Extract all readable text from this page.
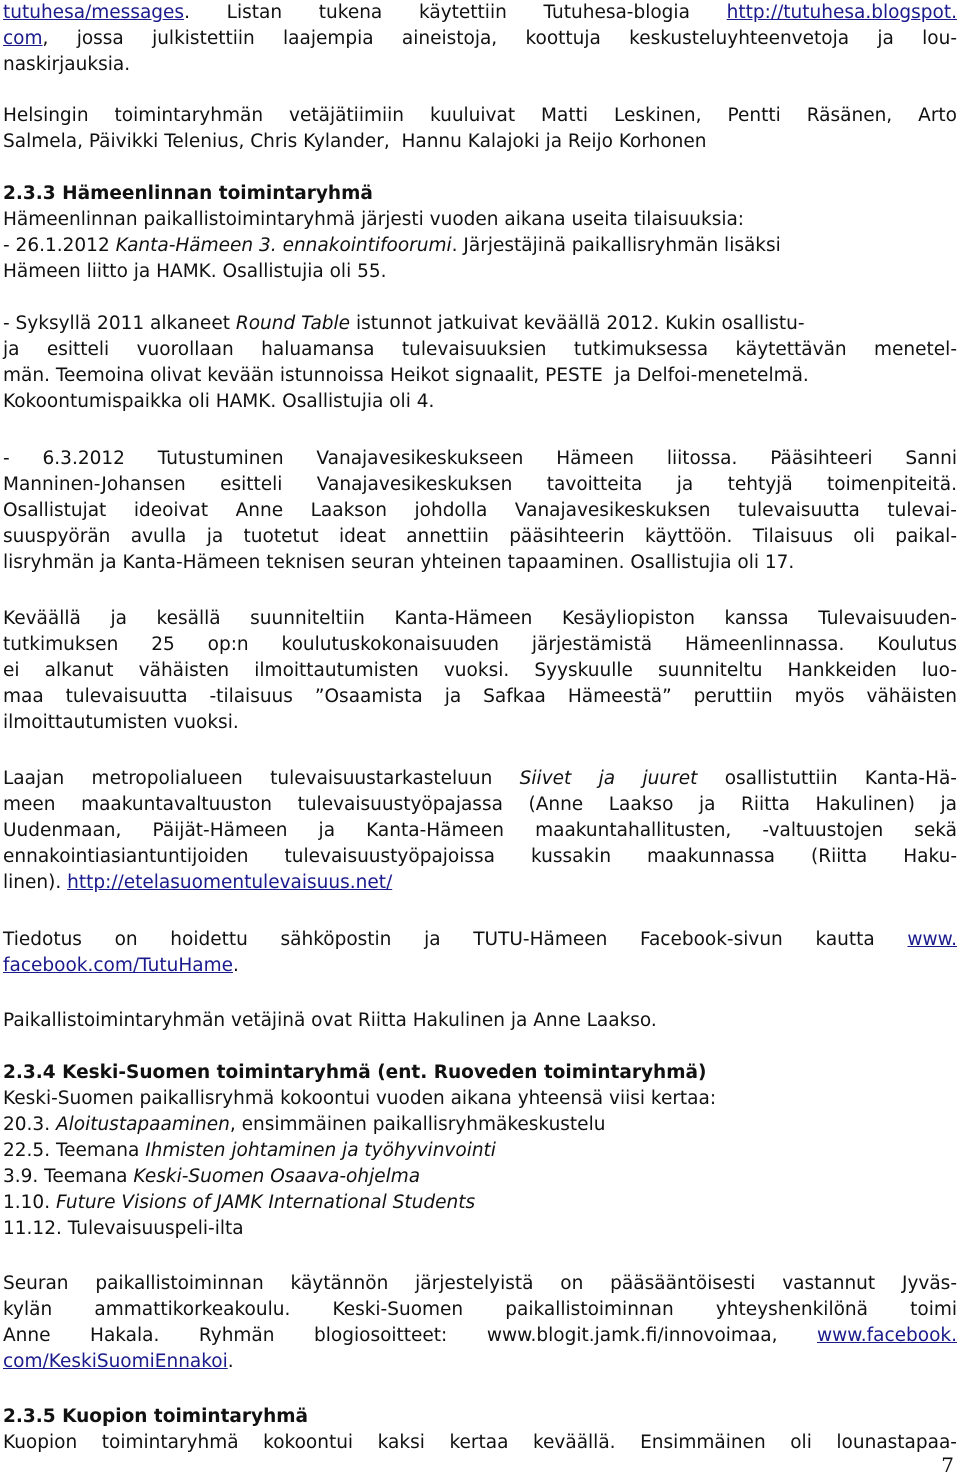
7
tutuhesa/messages. Listan tukena käytettiin Tutuhesa-blogia http://tutuhesa.blogspot.
com, jossa julkistettiin laajempia aineistoja, koottuja keskusteluyhteenvetoja ja lou-
naskirjauksia.
Helsingin toimintaryhmän vetäjätiimiin kuuluivat Matti Leskinen, Pentti Räsänen, Arto
Salmela, Päivikki Telenius, Chris Kylander,  Hannu Kalajoki ja Reijo Korhonen
2.3.3 Hämeenlinnan toimintaryhmä
Hämeenlinnan paikallistoimintaryhmä järjesti vuoden aikana useita tilaisuuksia:
- 26.1.2012 Kanta-Hämeen 3. ennakointifoorumi. Järjestäjinä paikallisryhmän lisäksi
Hämeen liitto ja HAMK. Osallistujia oli 55.
- Syksyllä 2011 alkaneet Round Table istunnot jatkuivat keväällä 2012. Kukin osallistu-
ja esitteli vuorollaan haluamansa tulevaisuuksien tutkimuksessa käytettävän menetel-
män. Teemoina olivat kevään istunnoissa Heikot signaalit, PESTE  ja Delfoi-menetelmä.
Kokoontumispaikka oli HAMK. Osallistujia oli 4.
- 6.3.2012 Tutustuminen Vanajavesikeskukseen Hämeen liitossa. Pääsihteeri Sanni
Manninen-Johansen esitteli Vanajavesikeskuksen tavoitteita ja tehtyjä toimenpiteitä.
Osallistujat ideoivat Anne Laakson johdolla Vanajavesikeskuksen tulevaisuutta tulevai-
suuspyörän avulla ja tuotetut ideat annettiin pääsihteerin käyttöön. Tilaisuus oli paikal-
lisryhmän ja Kanta-Hämeen teknisen seuran yhteinen tapaaminen. Osallistujia oli 17.
Keväällä ja kesällä suunniteltiin Kanta-Hämeen Kesäyliopiston kanssa Tulevaisuuden-
tutkimuksen 25 op:n koulutuskokonaisuuden järjestämistä Hämeenlinnassa. Koulutus
ei alkanut vähäisten ilmoittautumisten vuoksi. Syyskuulle suunniteltu Hankkeiden luo-
maa tulevaisuutta -tilaisuus ”Osaamista ja Safkaa Hämeestä” peruttiin myös vähäisten
ilmoittautumisten vuoksi.
Laajan metropolialueen tulevaisuustarkasteluun Siivet ja juuret osallistuttiin Kanta-Hä-
meen maakuntavaltuuston tulevaisuustyöpajassa (Anne Laakso ja Riitta Hakulinen) ja
Uudenmaan, Päijät-Hämeen ja Kanta-Hämeen maakuntahallitusten, -valtuustojen sekä
ennakointiasiantuntijoiden tulevaisuustyöpajoissa kussakin maakunnassa (Riitta Haku-
linen). http://etelasuomentulevaisuus.net/
Tiedotus on hoidettu sähköpostin ja TUTU-Hämeen Facebook-sivun kautta www.
facebook.com/TutuHame.
Paikallistoimintaryhmän vetäjinä ovat Riitta Hakulinen ja Anne Laakso.
2.3.4 Keski-Suomen toimintaryhmä (ent. Ruoveden toimintaryhmä)
Keski-Suomen paikallisryhmä kokoontui vuoden aikana yhteensä viisi kertaa:
20.3. Aloitustapaaminen, ensimmäinen paikallisryhmäkeskustelu
22.5. Teemana Ihmisten johtaminen ja työhyvinvointi
3.9. Teemana Keski-Suomen Osaava-ohjelma
1.10. Future Visions of JAMK International Students
11.12. Tulevaisuuspeli-ilta
Seuran paikallistoiminnan käytännön järjestelyistä on pääsääntöisesti vastannut Jyväs-
kylän ammattikorkeakoulu. Keski-Suomen paikallistoiminnan yhteyshenkilönä toimi
Anne Hakala. Ryhmän blogiosoitteet: www.blogit.jamk.fi/innovoimaa, www.facebook.
com/KeskiSuomiEnnakoi.
2.3.5 Kuopion toimintaryhmä
Kuopion toimintaryhmä kokoontui kaksi kertaa keväällä. Ensimmäinen oli lounastapaa-
